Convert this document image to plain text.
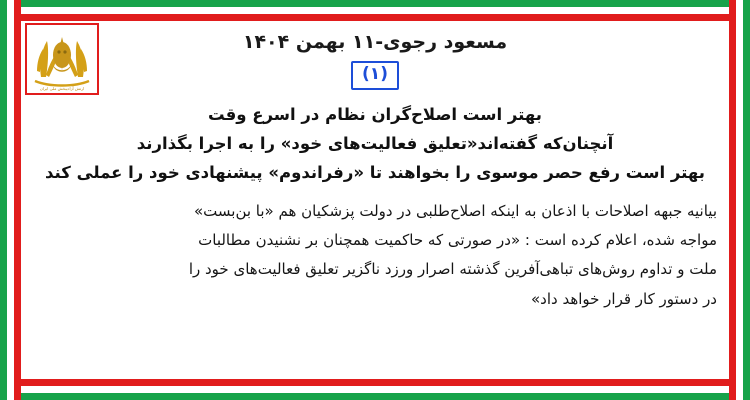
ارتش آزادیبخش ملی ایران
مسعود رجوی-۱۱ بهمن ۱۴۰۴
(۱)
بهتر است اصلاح‌گران نظام در اسرع وقت
آنچنان‌که گفته‌اند«تعلیق فعالیت‌های خود» را به اجرا بگذارند
بهتر است رفع حصر موسوی را بخواهند تا «رفراندوم» پیشنهادی خود را عملی کند
بیانیه جبهه اصلاحات با اذعان به اینکه اصلاح‌طلبی در دولت پزشکیان هم «با بن‌بست»
مواجه شده، اعلام کرده است : «در صورتی که حاکمیت همچنان بر نشنیدن مطالبات
ملت و تداوم روش‌های تباهی‌آفرین گذشته اصرار ورزد ناگزیر تعلیق فعالیت‌های خود را
در دستور کار قرار خواهد داد»
